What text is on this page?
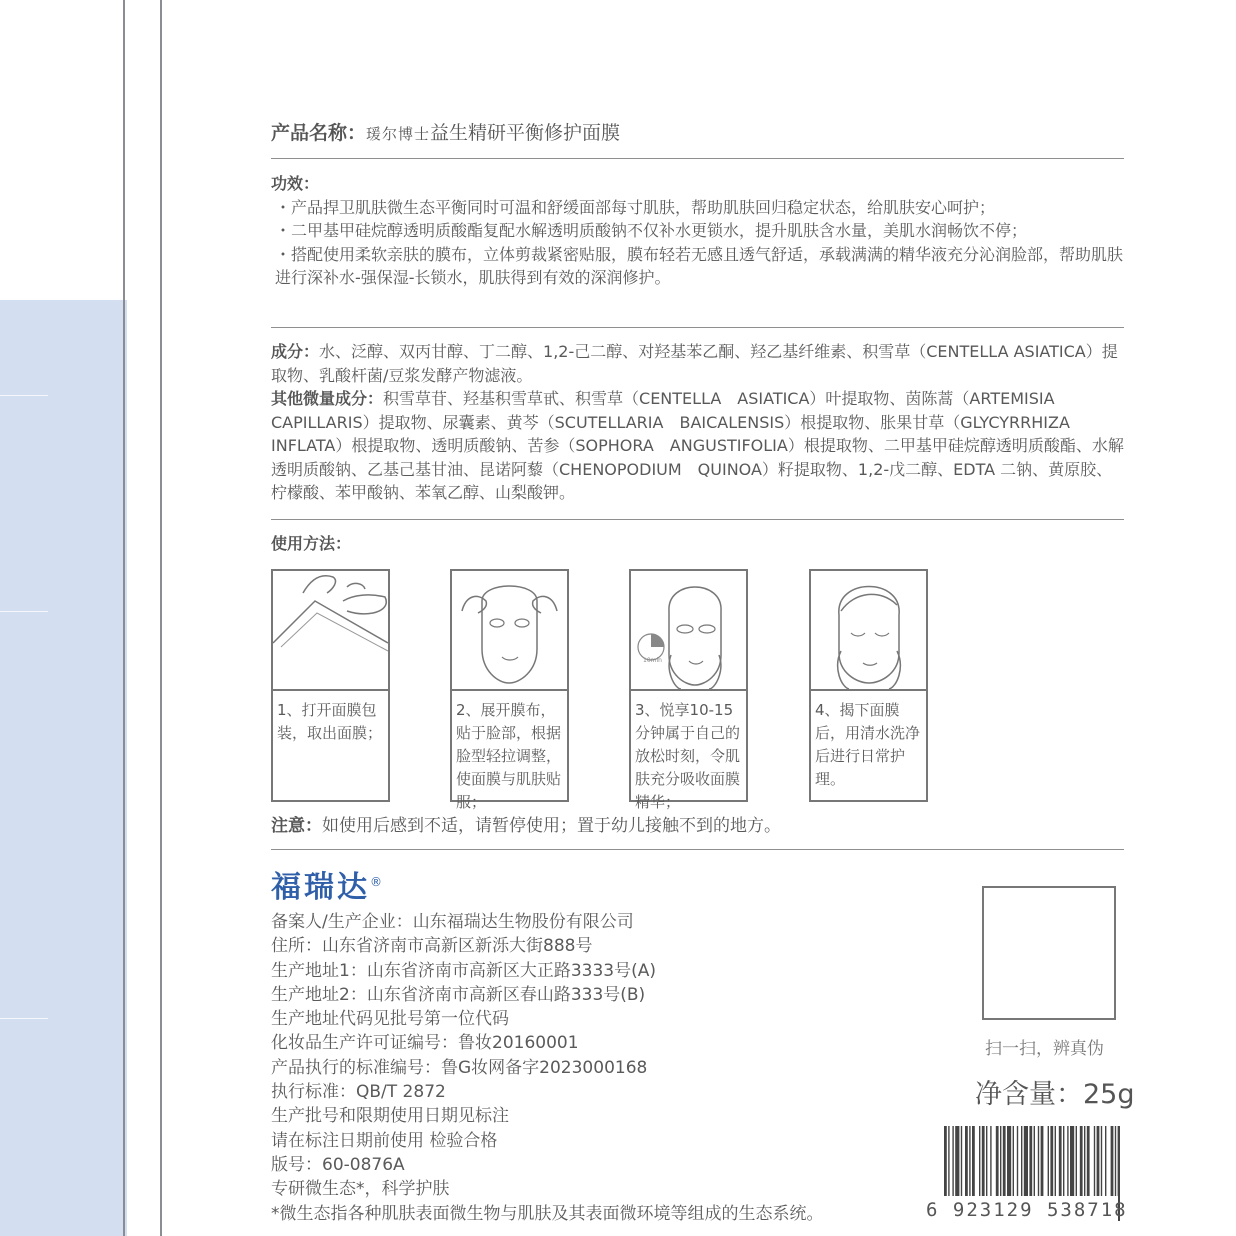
产品名称：瑗尔博士益生精研平衡修护面膜
功效：

・产品捍卫肌肤微生态平衡同时可温和舒缓面部每寸肌肤，帮助肌肤回归稳定状态，给肌肤安心呵护；

・二甲基甲硅烷醇透明质酸酯复配水解透明质酸钠不仅补水更锁水，提升肌肤含水量，美肌水润畅饮不停；

・搭配使用柔软亲肤的膜布，立体剪裁紧密贴服，膜布轻若无感且透气舒适，承载满满的精华液充分沁润脸部，帮助肌肤进行深补水-强保湿-长锁水，肌肤得到有效的深润修护。

成分：水、泛醇、双丙甘醇、丁二醇、1,2-己二醇、对羟基苯乙酮、羟乙基纤维素、积雪草（CENTELLA ASIATICA）提取物、乳酸杆菌/豆浆发酵产物滤液。
其他微量成分：积雪草苷、羟基积雪草甙、积雪草（CENTELLA　ASIATICA）叶提取物、茵陈蒿（ARTEMISIA CAPILLARIS）提取物、尿囊素、黄芩（SCUTELLARIA　BAICALENSIS）根提取物、胀果甘草（GLYCYRRHIZA INFLATA）根提取物、透明质酸钠、苦参（SOPHORA　ANGUSTIFOLIA）根提取物、二甲基甲硅烷醇透明质酸酯、水解透明质酸钠、乙基己基甘油、昆诺阿藜（CHENOPODIUM　QUINOA）籽提取物、1,2-戊二醇、EDTA 二钠、黄原胶、柠檬酸、苯甲酸钠、苯氧乙醇、山梨酸钾。
使用方法：
1、打开面膜包装，取出面膜；
2、展开膜布，贴于脸部，根据脸型轻拉调整，使面膜与肌肤贴服；
10min
3、悦享10-15分钟属于自己的放松时刻，令肌肤充分吸收面膜精华；
4、揭下面膜后，用清水洗净后进行日常护理。
注意：如使用后感到不适，请暂停使用；置于幼儿接触不到的地方。
福瑞达®
备案人/生产企业：山东福瑞达生物股份有限公司
住所：山东省济南市高新区新泺大街888号
生产地址1：山东省济南市高新区大正路3333号(A)
生产地址2：山东省济南市高新区春山路333号(B)
生产地址代码见批号第一位代码
化妆品生产许可证编号：鲁妆20160001
产品执行的标准编号：鲁G妆网备字2023000168
执行标准：QB/T 2872
生产批号和限期使用日期见标注
请在标注日期前使用 检验合格
版号：60-0876A
专研微生态*，科学护肤
*微生态指各种肌肤表面微生物与肌肤及其表面微环境等组成的生态系统。
扫一扫，辨真伪
净含量：25g
6 923129 538718
